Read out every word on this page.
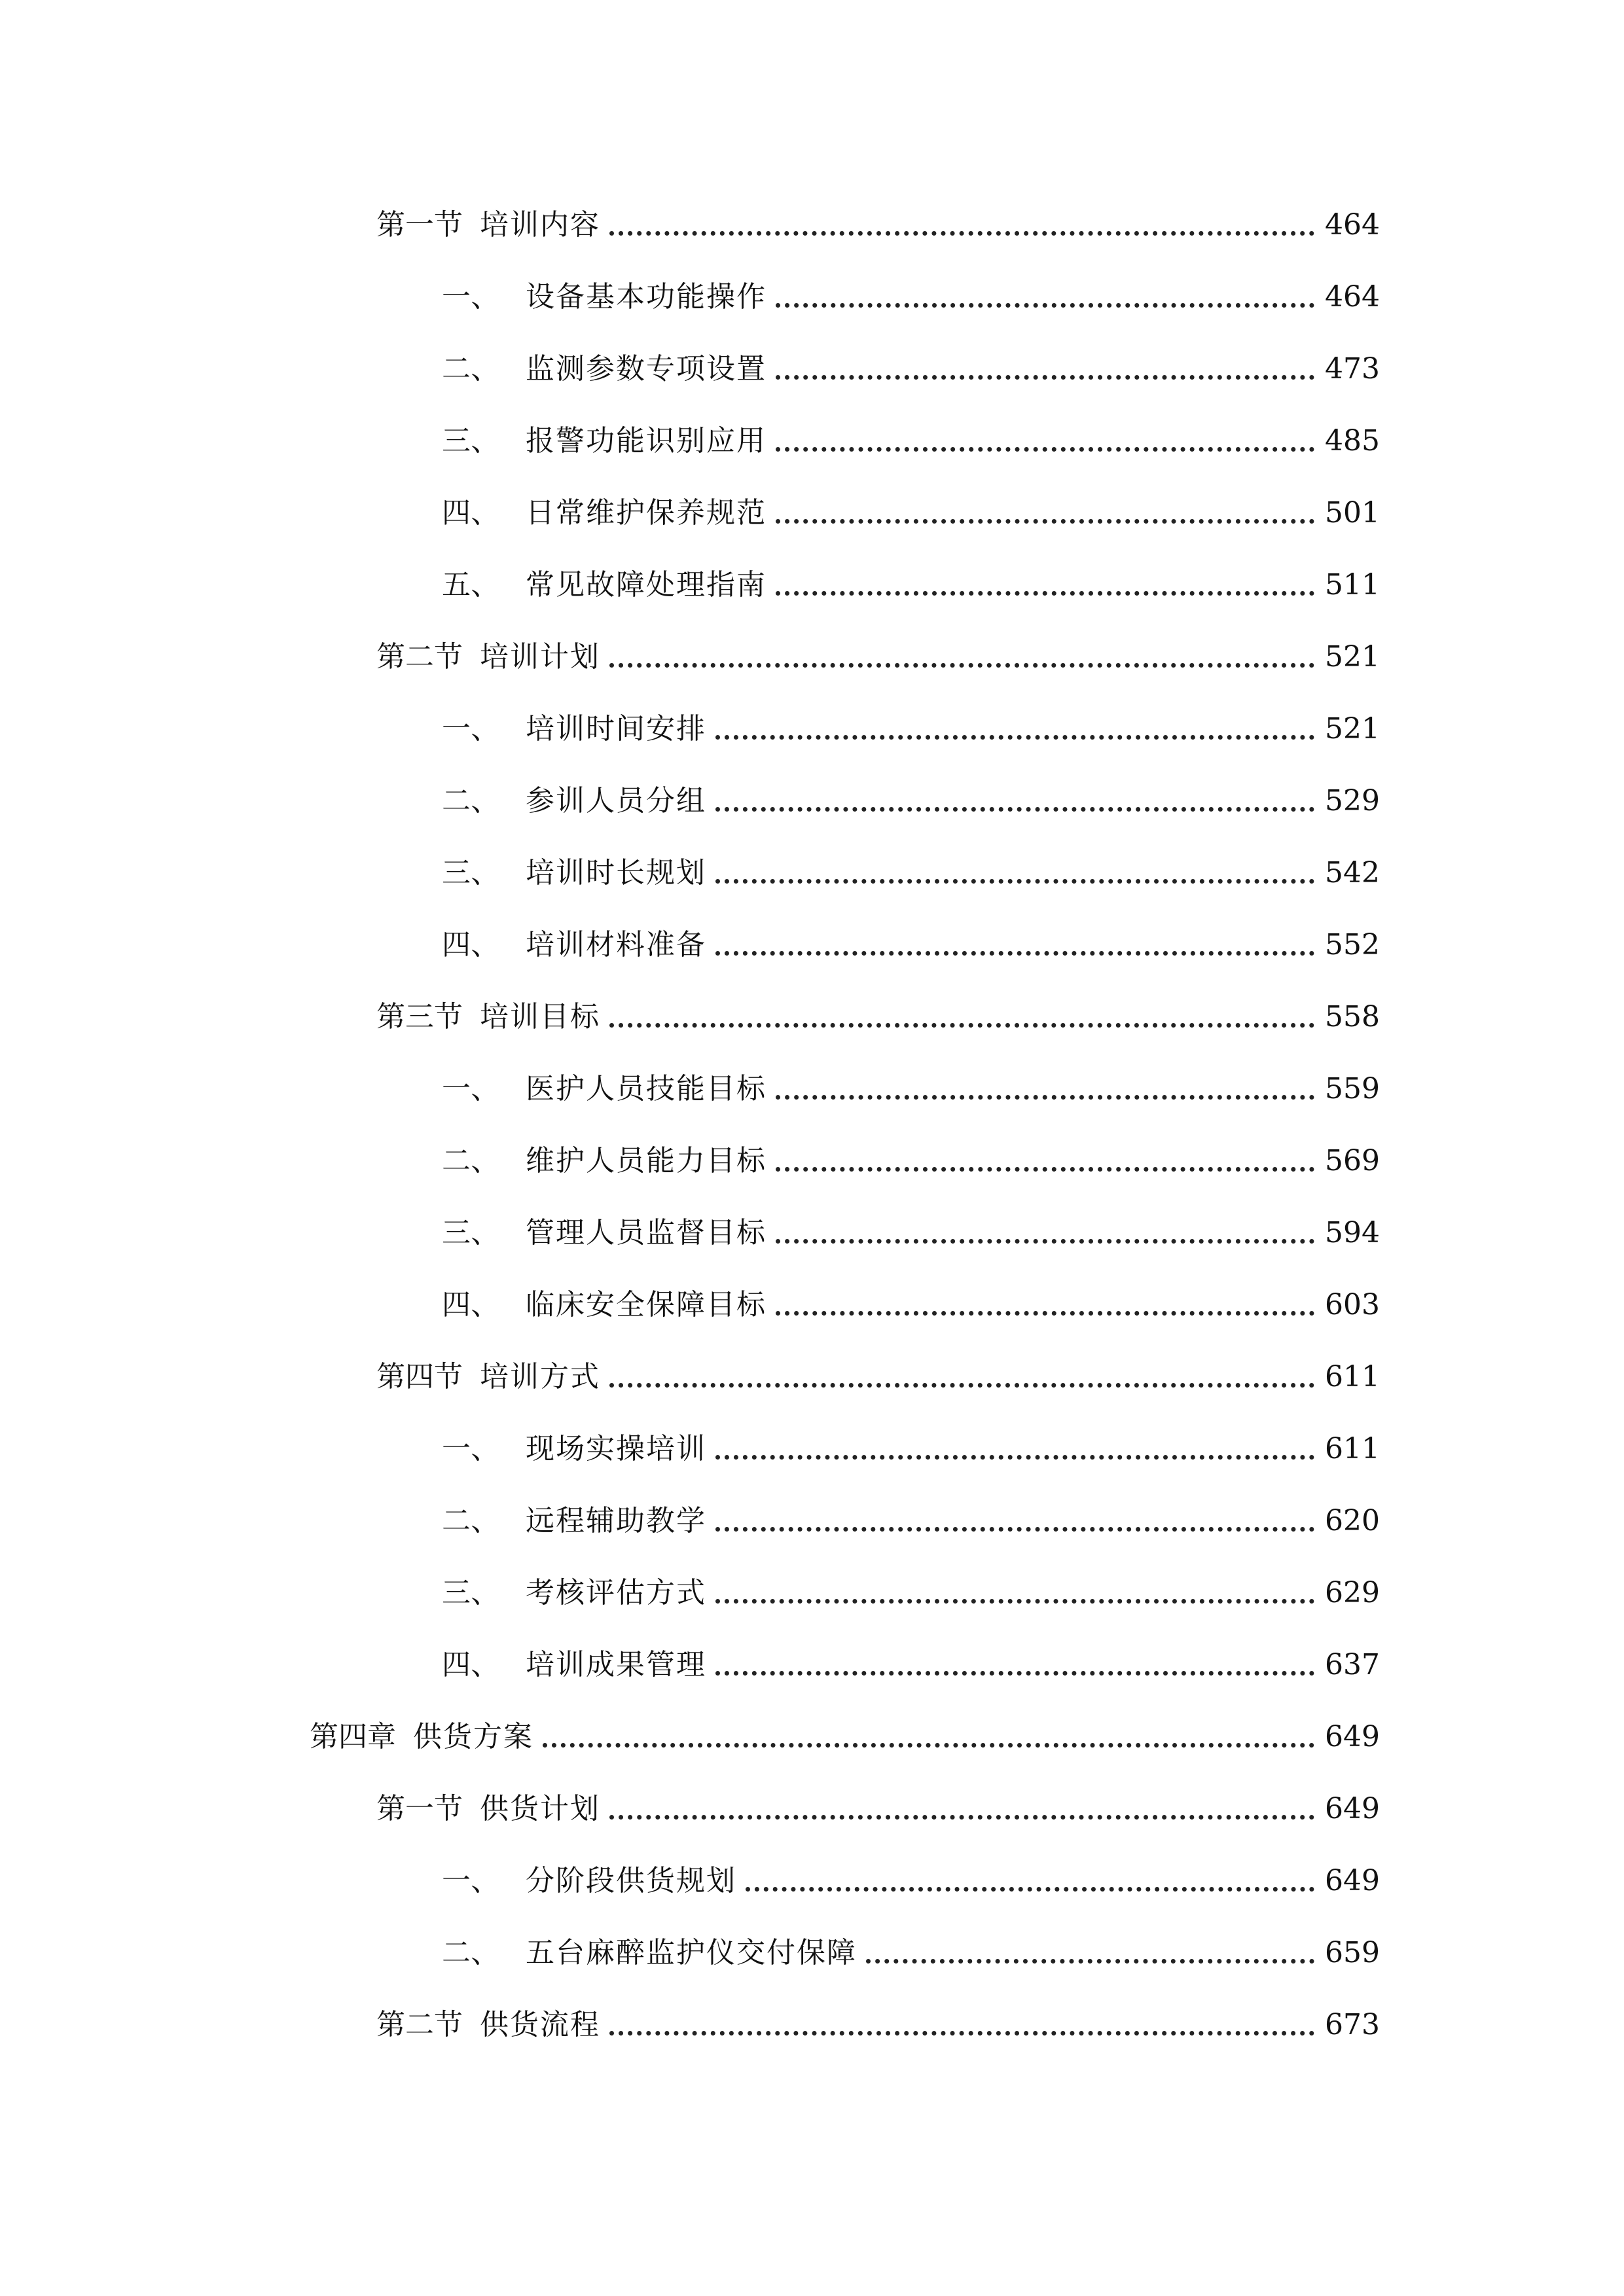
第一节 培训内容	464
一、 设备基本功能操作	464
二、 监测参数专项设置	473
三、 报警功能识别应用	485
四、 日常维护保养规范	501
五、 常见故障处理指南	511
第二节 培训计划	521
一、 培训时间安排	521
二、 参训人员分组	529
三、 培训时长规划	542
四、 培训材料准备	552
第三节 培训目标	558
一、 医护人员技能目标	559
二、 维护人员能力目标	569
三、 管理人员监督目标	594
四、 临床安全保障目标	603
第四节 培训方式	611
一、 现场实操培训	611
二、 远程辅助教学	620
三、 考核评估方式	629
四、 培训成果管理	637
第四章 供货方案	649
第一节 供货计划	649
一、 分阶段供货规划	649
二、 五台麻醉监护仪交付保障	659
第二节 供货流程	673
